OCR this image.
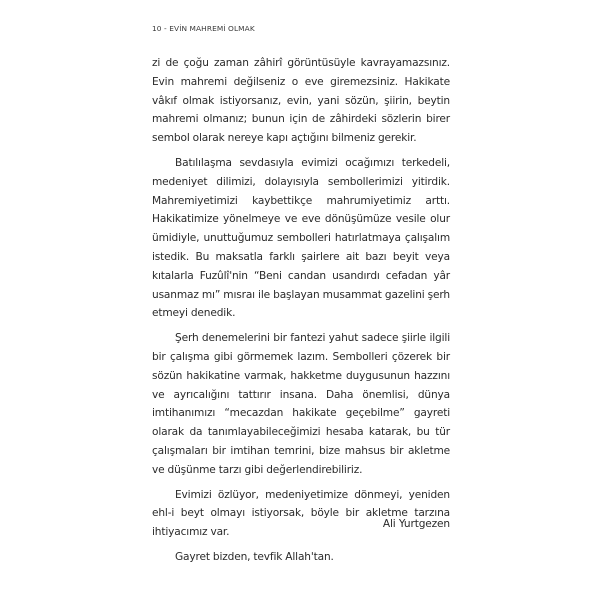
10 - EVİN MAHREMİ OLMAK

zi de çoğu zaman zâhirî görüntüsüyle kavrayamazsınız. Evin mahremi değilseniz o eve giremezsiniz. Hakikate vâkıf olmak istiyorsanız, evin, yani sözün, şiirin, beytin mahremi olmanız; bunun için de zâhirdeki sözlerin birer sembol olarak nereye kapı açtığını bilmeniz gerekir.

Batılılaşma sevdasıyla evimizi ocağımızı terkedeli, medeniyet dilimizi, dolayısıyla sembollerimizi yitirdik. Mahremiyetimizi kaybettikçe mahrumiyetimiz arttı. Hakikatimize yönelmeye ve eve dönüşümüze vesile olur ümidiyle, unuttuğumuz sembolleri hatırlatmaya çalışalım istedik. Bu maksatla farklı şairlere ait bazı beyit veya kıtalarla Fuzûlî'nin “Beni candan usandırdı cefadan yâr usanmaz mı” mısraı ile başlayan musammat gazelini şerh etmeyi denedik.

Şerh denemelerini bir fantezi yahut sadece şiirle ilgili bir çalışma gibi görmemek lazım. Sembolleri çözerek bir sözün hakikatine varmak, hakketme duygusunun hazzını ve ayrıcalığını tattırır insana. Daha önemlisi, dünya imtihanımızı “mecazdan hakikate geçebilme” gayreti olarak da tanımlayabileceğimizi hesaba katarak, bu tür çalışmaları bir imtihan temrini, bize mahsus bir akletme ve düşünme tarzı gibi değerlendirebiliriz.

Evimizi özlüyor, medeniyetimize dönmeyi, yeniden ehl-i beyt olmayı istiyorsak, böyle bir akletme tarzına ihtiyacımız var.

Gayret bizden, tevfik Allah'tan.

Ali Yurtgezen
